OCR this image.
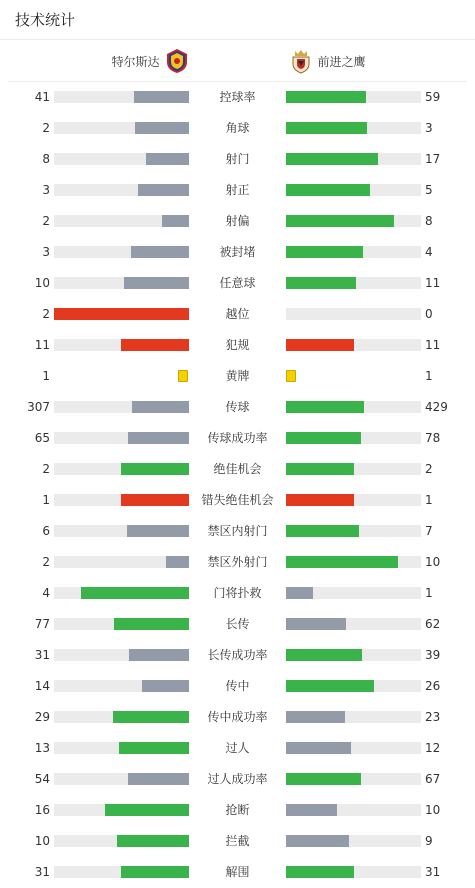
技术统计
特尔斯达	前进之鹰
41	控球率	59
2	角球	3
8	射门	17
3	射正	5
2	射偏	8
3	被封堵	4
10	任意球	11
2	越位	0
11	犯规	11
1	黄牌	1
307	传球	429
65	传球成功率	78
2	绝佳机会	2
1	错失绝佳机会	1
6	禁区内射门	7
2	禁区外射门	10
4	门将扑救	1
77	长传	62
31	长传成功率	39
14	传中	26
29	传中成功率	23
13	过人	12
54	过人成功率	67
16	抢断	10
10	拦截	9
31	解围	31
